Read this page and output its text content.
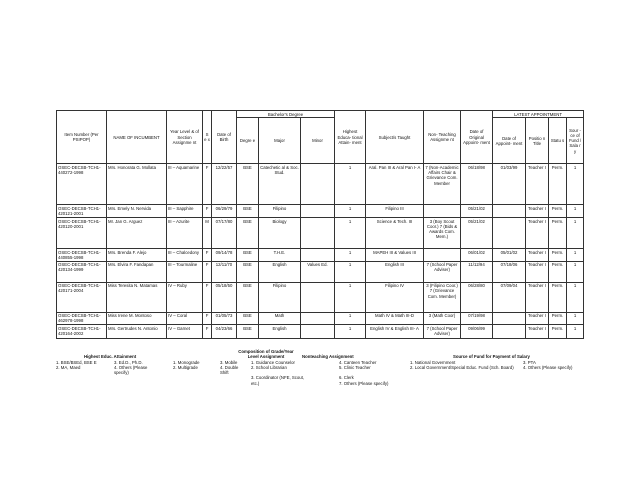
Item Number (Per PSIPOP)	NAME OF INCUMBENT	Year Level & of Section Assignme nt	S e x	Date of Birth	Bachelor's Degree			Highest Educa- tional Attain- ment	Subject/s Taught	Non- Teaching Assignme nt	Date of Original Appoint- ment	LATEST APPOINTMENT			
					Degre e	Major	Minor					Date of Appoint- ment	Positio n Title	Statu s	Sour -ce of Fund / Sala r y
OSEC-DECSB-TCH1-440272-1998	Mrs. Honorata G. Mollata	III – Aquamarine	F	12/22/57	BSE	Catechetic al & Soc. Stud.		1	Aral. Pan III & Aral Pan I- A	7 (Non-Academic Affairs Chair & Grievance Com. Member	06/18/98	01/03/99	Teacher I	Perm.	1
OSEC-DECSB-TCH1-420121-2001	Mrs. Emely N. Nervida	III – Sapphire	F	06/29/79	BSE	Filipino		1	Filipino III		05/21/02		Teacher I	Perm.	1
OSEC-DECSB-TCH1-420120-2001	Mr. Jan G. Arguez	III – Azurite	M	07/17/80	BSE	Biology		1	Science & Tech. III	3 (Boy Scout Coor.) 7 (Bids & Awards Com. Mem.)	05/21/02		Teacher I	Perm.	1
OSEC-DECSB-TCH1-440855-1998	Mrs. Brenda F. Alejo	III – Chalcedony	F	09/14/78	BSE	T.H.E.		1	MAPEH III & Values III		06/01/02	05/01/02	Teacher I	Perm.	1
OSEC-DECSB-TCH1-420134-1999	Mrs. Elvira F. Fandapan	III – Tourmaline	F	12/11/70	BSE	English	Values Ed.	1	English III	7 (School Paper Adviser)	11/12/94	07/18/06	Teacher I	Perm.	1
OSEC-DECSB-TCH1-420171-2004	Miss Teresita N. Matamas	IV – Ruby	F	05/18/50	BSE	Filipino		1	Filipino IV	3 (Filipino Coor.) 7 (Grievance Com. Member)	06/28/80	07/09/04	Teacher I	Perm.	1
OSEC-DECSB-TCH1-462978-1998	Miss Irene M. Montoso	IV – Coral	F	01/05/73	BSE	Math		1	Math IV & Math III-D	3 (Math Coor)	07/19/98		Teacher I	Perm.	1
OSEC-DECSB-TCH1-420164-2002	Mrs. Gertrudes N. Antonio	IV – Garnet	F	04/23/66	BSE	English		1	English IV & English III- A	7 (School Paper Adviser)	09/06/99		Teacher I	Perm.	1
Composition of Grade/Year
Level Assignment
Highest Educ. Attainment
1. BSE/BSEd, BSE E
2. MA, Maed
3. Ed.D., Ph.D.
4. Others (Please specify)
1. Monograde
2. Multigrade
3. Mobile
4. Double Shift
Nonteaching Assignment
1. Guidance Counselor
2. School Librarian
3. Coordinator (NFE, Scout, etc.)
4. Canteen Teacher
5. Clinic Teacher
6. Clerk
7. Others (Please specify)
Source of Fund for Payment of Salary
1. National Government
2. Local Government/Special Educ. Fund (Sch. Board)
3. PTA
4. Others (Please specify)
